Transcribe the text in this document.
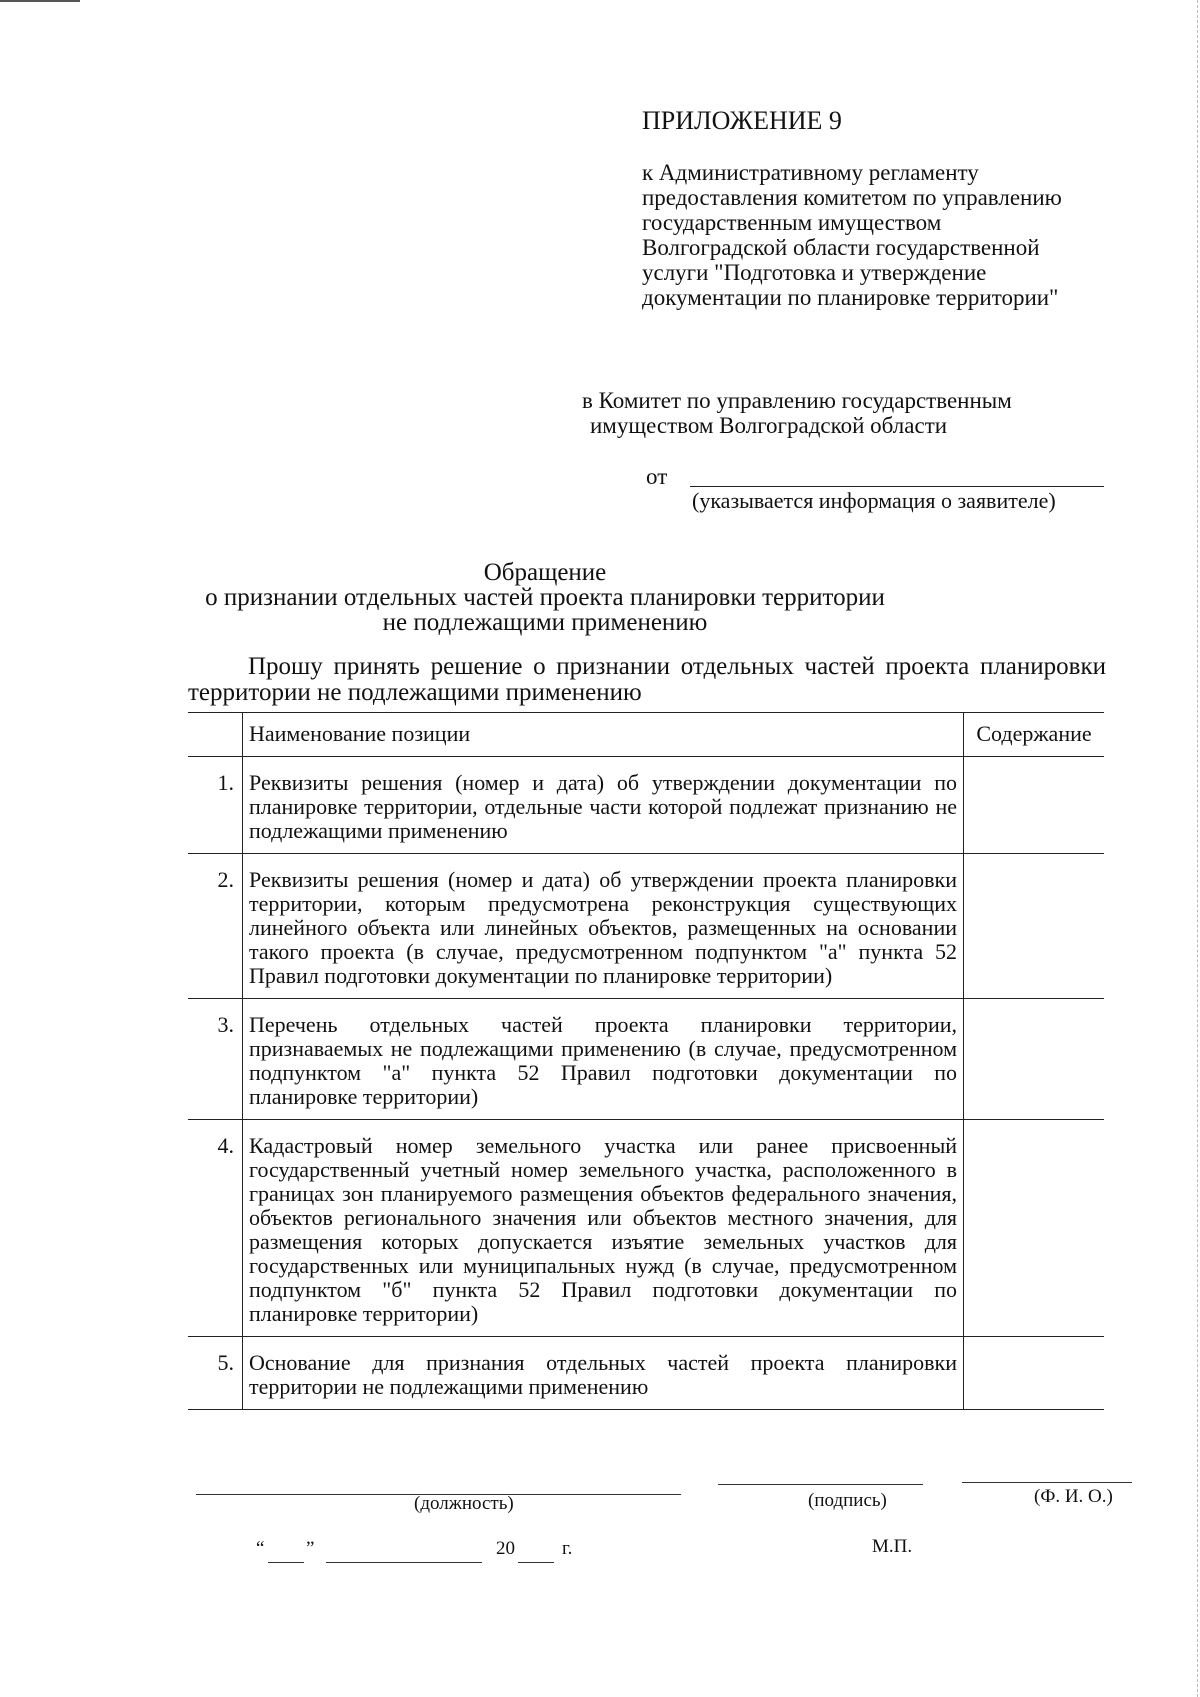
ПРИЛОЖЕНИЕ 9
к Административному регламенту
предоставления комитетом по управлению
государственным имуществом
Волгоградской области государственной
услуги "Подготовка и утверждение
документации по планировке территории"
в Комитет по управлению государственным
имуществом Волгоградской области
от
(указывается информация о заявителе)
Обращение
о признании отдельных частей проекта планировки территории
не подлежащими применению
Прошу принять решение о признании отдельных частей проекта планировки территории не подлежащими применению
	Наименование позиции	Содержание
1.	Реквизиты решения (номер и дата) об утверждении документации по планировке территории, отдельные части которой подлежат признанию не подлежащими применению	
2.	Реквизиты решения (номер и дата) об утверждении проекта планировки территории, которым предусмотрена реконструкция существующих линейного объекта или линейных объектов, размещенных на основании такого проекта (в случае, предусмотренном подпунктом "а" пункта 52 Правил подготовки документации по планировке территории)	
3.	Перечень отдельных частей проекта планировки территории, признаваемых не подлежащими применению (в случае, предусмотренном подпунктом "а" пункта 52 Правил подготовки документации по планировке территории)	
4.	Кадастровый номер земельного участка или ранее присвоенный государственный учетный номер земельного участка, расположенного в границах зон планируемого размещения объектов федерального значения, объектов регионального значения или объектов местного значения, для размещения которых допускается изъятие земельных участков для государственных или муниципальных нужд (в случае, предусмотренном подпунктом "б" пункта 52 Правил подготовки документации по планировке территории)	
5.	Основание для признания отдельных частей проекта планировки территории не подлежащими применению	
(должность)	(подпись)	(Ф. И. О.)
“ ”	20 г.	М.П.
